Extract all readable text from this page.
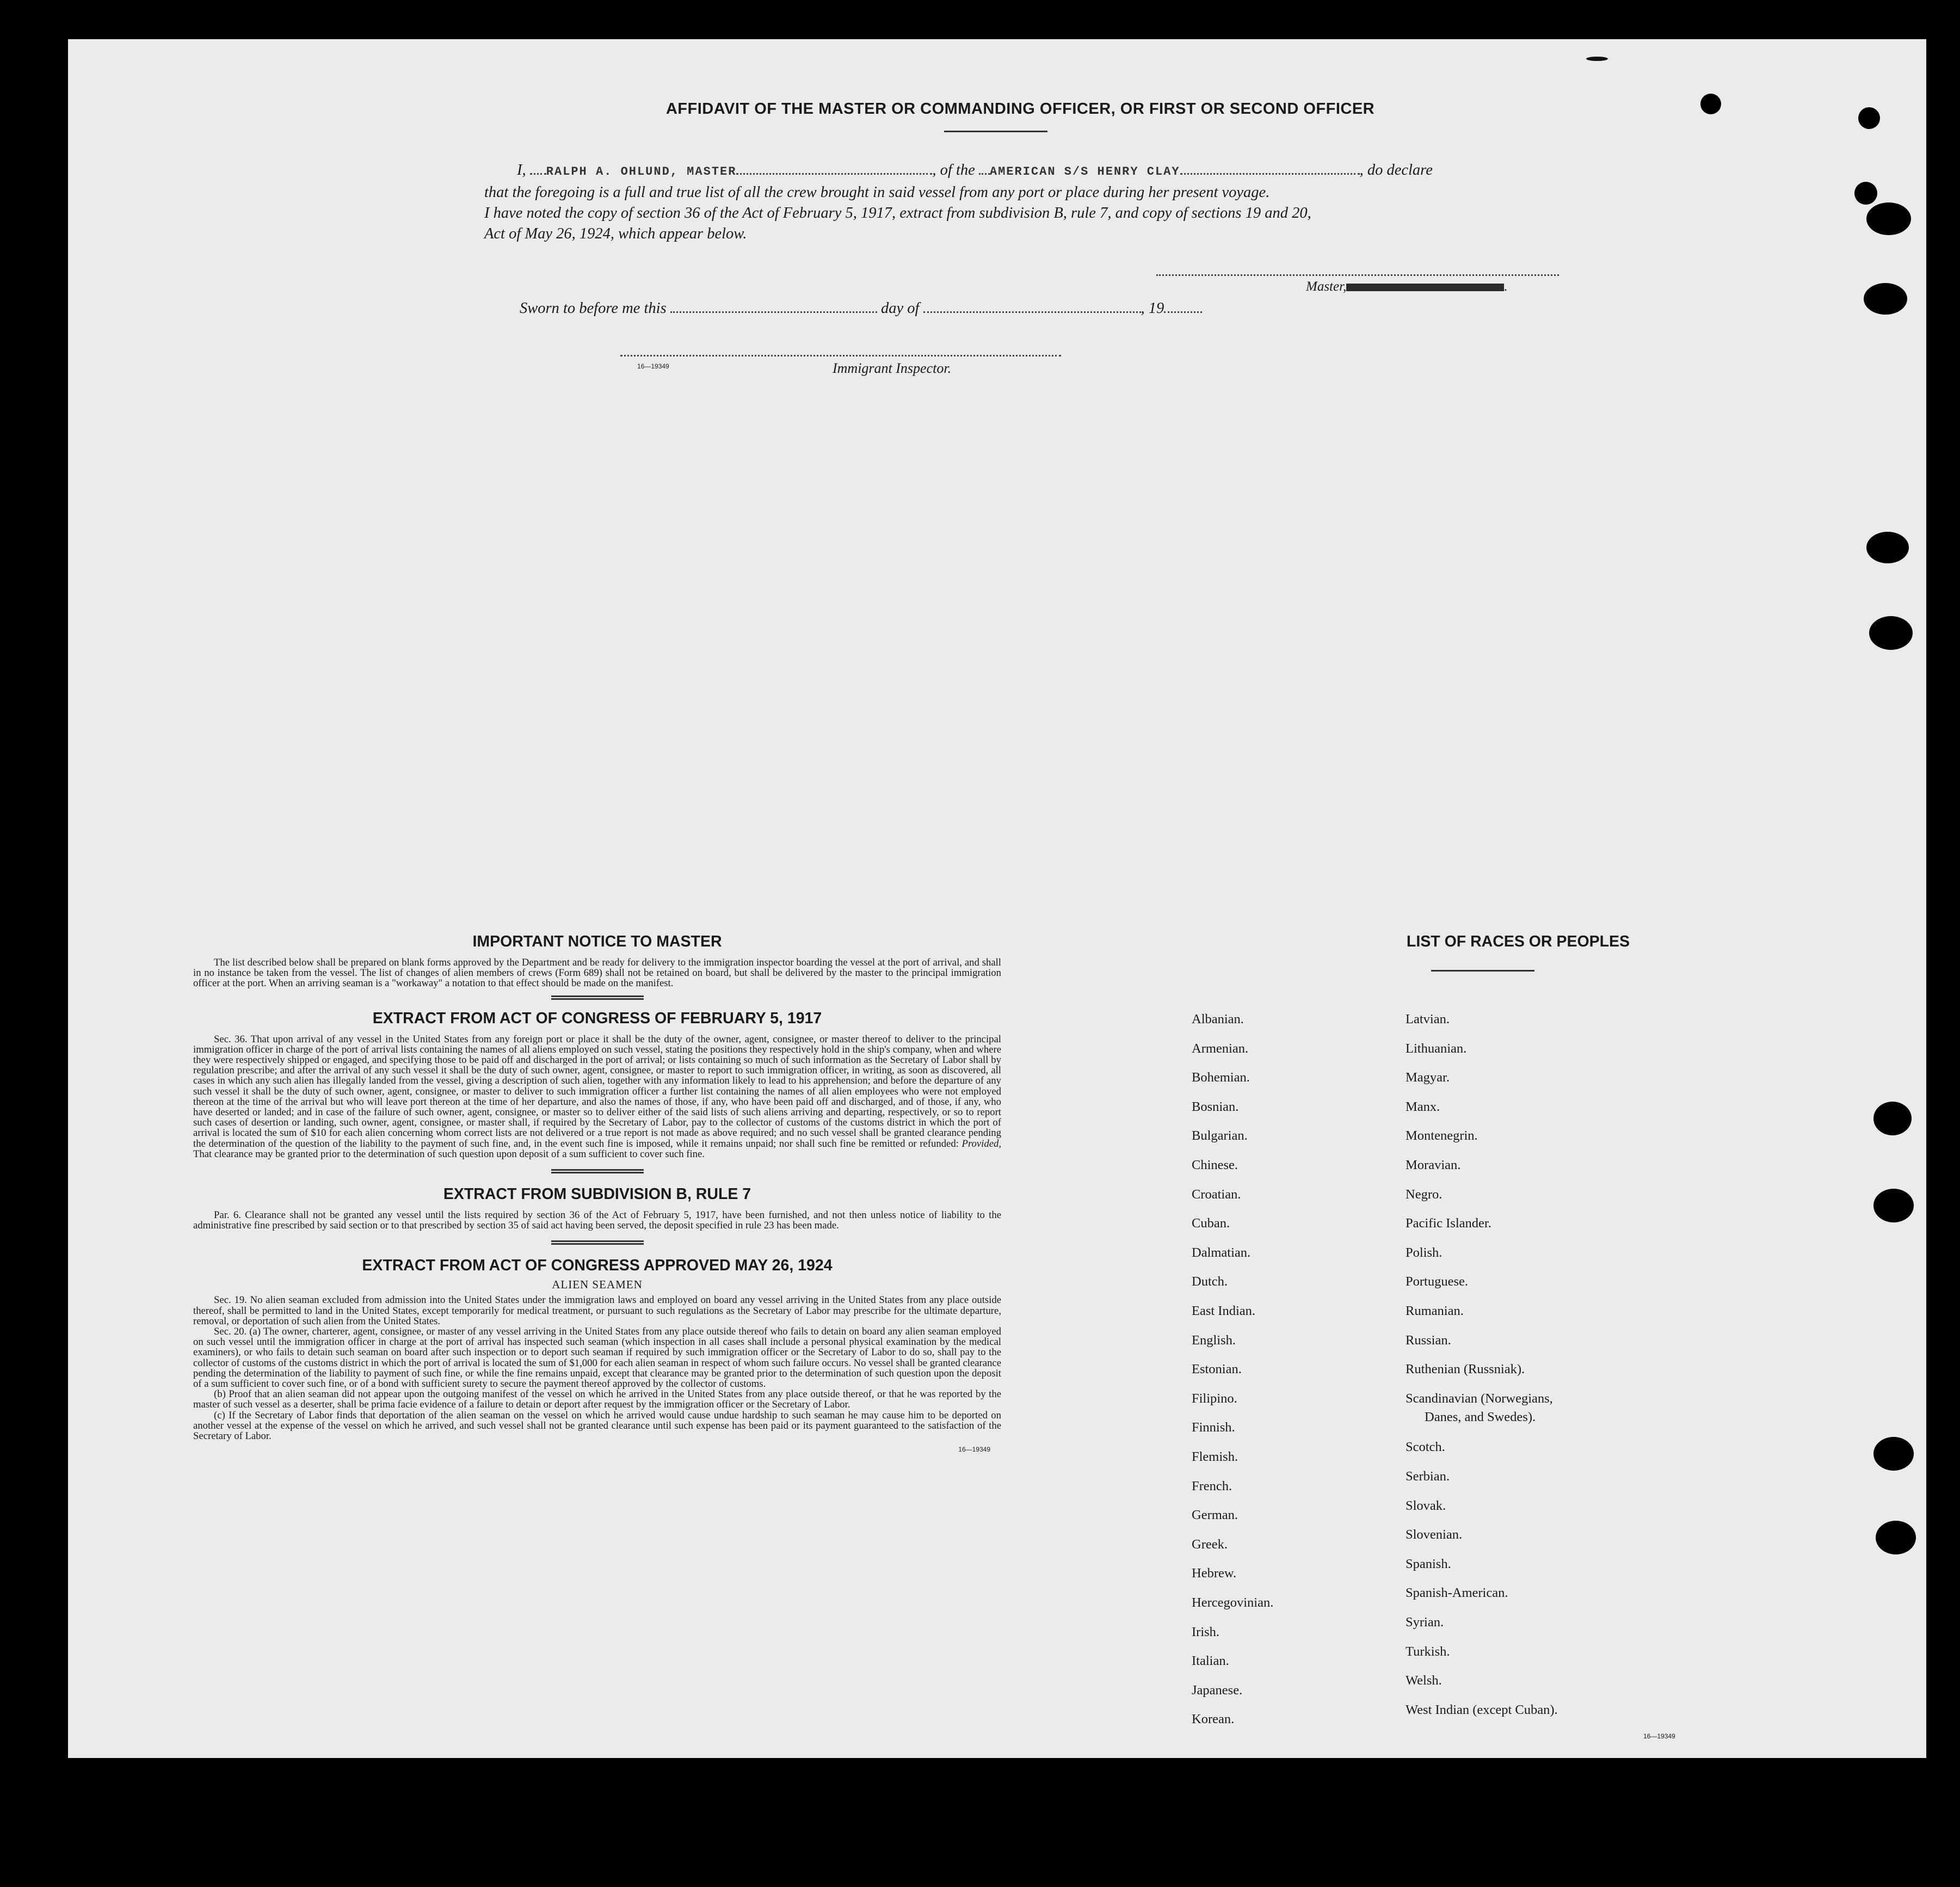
AFFIDAVIT OF THE MASTER OR COMMANDING OFFICER, OR FIRST OR SECOND OFFICER

I, RALPH A. OHLUND, MASTER	, of the AMERICAN S/S HENRY CLAY	, do declare

that the foregoing is a full and true list of all the crew brought in said vessel from any port or place during her present voyage.

I have noted the copy of section 36 of the Act of February 5, 1917, extract from subdivision B, rule 7, and copy of sections 19 and 20,

Act of May 26, 1924, which appear below.

Master,	.
Sworn to before me this	day of	, 19
16—19349	Immigrant Inspector.
IMPORTANT NOTICE TO MASTER

The list described below shall be prepared on blank forms approved by the Department and be ready for delivery to the immigration inspector boarding the vessel at the port of arrival, and shall in no instance be taken from the vessel. The list of changes of alien members of crews (Form 689) shall not be retained on board, but shall be delivered by the master to the principal immigration officer at the port. When an arriving seaman is a "workaway" a notation to that effect should be made on the manifest.

EXTRACT FROM ACT OF CONGRESS OF FEBRUARY 5, 1917

Sec. 36. That upon arrival of any vessel in the United States from any foreign port or place it shall be the duty of the owner, agent, consignee, or master thereof to deliver to the principal immigration officer in charge of the port of arrival lists containing the names of all aliens employed on such vessel, stating the positions they respectively hold in the ship's company, when and where they were respectively shipped or engaged, and specifying those to be paid off and discharged in the port of arrival; or lists containing so much of such information as the Secretary of Labor shall by regulation prescribe; and after the arrival of any such vessel it shall be the duty of such owner, agent, consignee, or master to report to such immigration officer, in writing, as soon as discovered, all cases in which any such alien has illegally landed from the vessel, giving a description of such alien, together with any information likely to lead to his apprehension; and before the departure of any such vessel it shall be the duty of such owner, agent, consignee, or master to deliver to such immigration officer a further list containing the names of all alien employees who were not employed thereon at the time of the arrival but who will leave port thereon at the time of her departure, and also the names of those, if any, who have been paid off and discharged, and of those, if any, who have deserted or landed; and in case of the failure of such owner, agent, consignee, or master so to deliver either of the said lists of such aliens arriving and departing, respectively, or so to report such cases of desertion or landing, such owner, agent, consignee, or master shall, if required by the Secretary of Labor, pay to the collector of customs of the customs district in which the port of arrival is located the sum of $10 for each alien concerning whom correct lists are not delivered or a true report is not made as above required; and no such vessel shall be granted clearance pending the determination of the question of the liability to the payment of such fine, and, in the event such fine is imposed, while it remains unpaid; nor shall such fine be remitted or refunded: Provided, That clearance may be granted prior to the determination of such question upon deposit of a sum sufficient to cover such fine.

EXTRACT FROM SUBDIVISION B, RULE 7

Par. 6. Clearance shall not be granted any vessel until the lists required by section 36 of the Act of February 5, 1917, have been furnished, and not then unless notice of liability to the administrative fine prescribed by said section or to that prescribed by section 35 of said act having been served, the deposit specified in rule 23 has been made.

EXTRACT FROM ACT OF CONGRESS APPROVED MAY 26, 1924
ALIEN SEAMEN

Sec. 19. No alien seaman excluded from admission into the United States under the immigration laws and employed on board any vessel arriving in the United States from any place outside thereof, shall be permitted to land in the United States, except temporarily for medical treatment, or pursuant to such regulations as the Secretary of Labor may prescribe for the ultimate departure, removal, or deportation of such alien from the United States.

Sec. 20. (a) The owner, charterer, agent, consignee, or master of any vessel arriving in the United States from any place outside thereof who fails to detain on board any alien seaman employed on such vessel until the immigration officer in charge at the port of arrival has inspected such seaman (which inspection in all cases shall include a personal physical examination by the medical examiners), or who fails to detain such seaman on board after such inspection or to deport such seaman if required by such immigration officer or the Secretary of Labor to do so, shall pay to the collector of customs of the customs district in which the port of arrival is located the sum of $1,000 for each alien seaman in respect of whom such failure occurs. No vessel shall be granted clearance pending the determination of the liability to payment of such fine, or while the fine remains unpaid, except that clearance may be granted prior to the determination of such question upon the deposit of a sum sufficient to cover such fine, or of a bond with sufficient surety to secure the payment thereof approved by the collector of customs.

(b) Proof that an alien seaman did not appear upon the outgoing manifest of the vessel on which he arrived in the United States from any place outside thereof, or that he was reported by the master of such vessel as a deserter, shall be prima facie evidence of a failure to detain or deport after request by the immigration officer or the Secretary of Labor.

(c) If the Secretary of Labor finds that deportation of the alien seaman on the vessel on which he arrived would cause undue hardship to such seaman he may cause him to be deported on another vessel at the expense of the vessel on which he arrived, and such vessel shall not be granted clearance until such expense has been paid or its payment guaranteed to the satisfaction of the Secretary of Labor.

16—19349
LIST OF RACES OR PEOPLES
Albanian.
Armenian.
Bohemian.
Bosnian.
Bulgarian.
Chinese.
Croatian.
Cuban.
Dalmatian.
Dutch.
East Indian.
English.
Estonian.
Filipino.
Finnish.
Flemish.
French.
German.
Greek.
Hebrew.
Hercegovinian.
Irish.
Italian.
Japanese.
Korean.
Latvian.
Lithuanian.
Magyar.
Manx.
Montenegrin.
Moravian.
Negro.
Pacific Islander.
Polish.
Portuguese.
Rumanian.
Russian.
Ruthenian (Russniak).
Scandinavian (Norwegians,
Danes, and Swedes).
Scotch.
Serbian.
Slovak.
Slovenian.
Spanish.
Spanish-American.
Syrian.
Turkish.
Welsh.
West Indian (except Cuban).
16—19349
